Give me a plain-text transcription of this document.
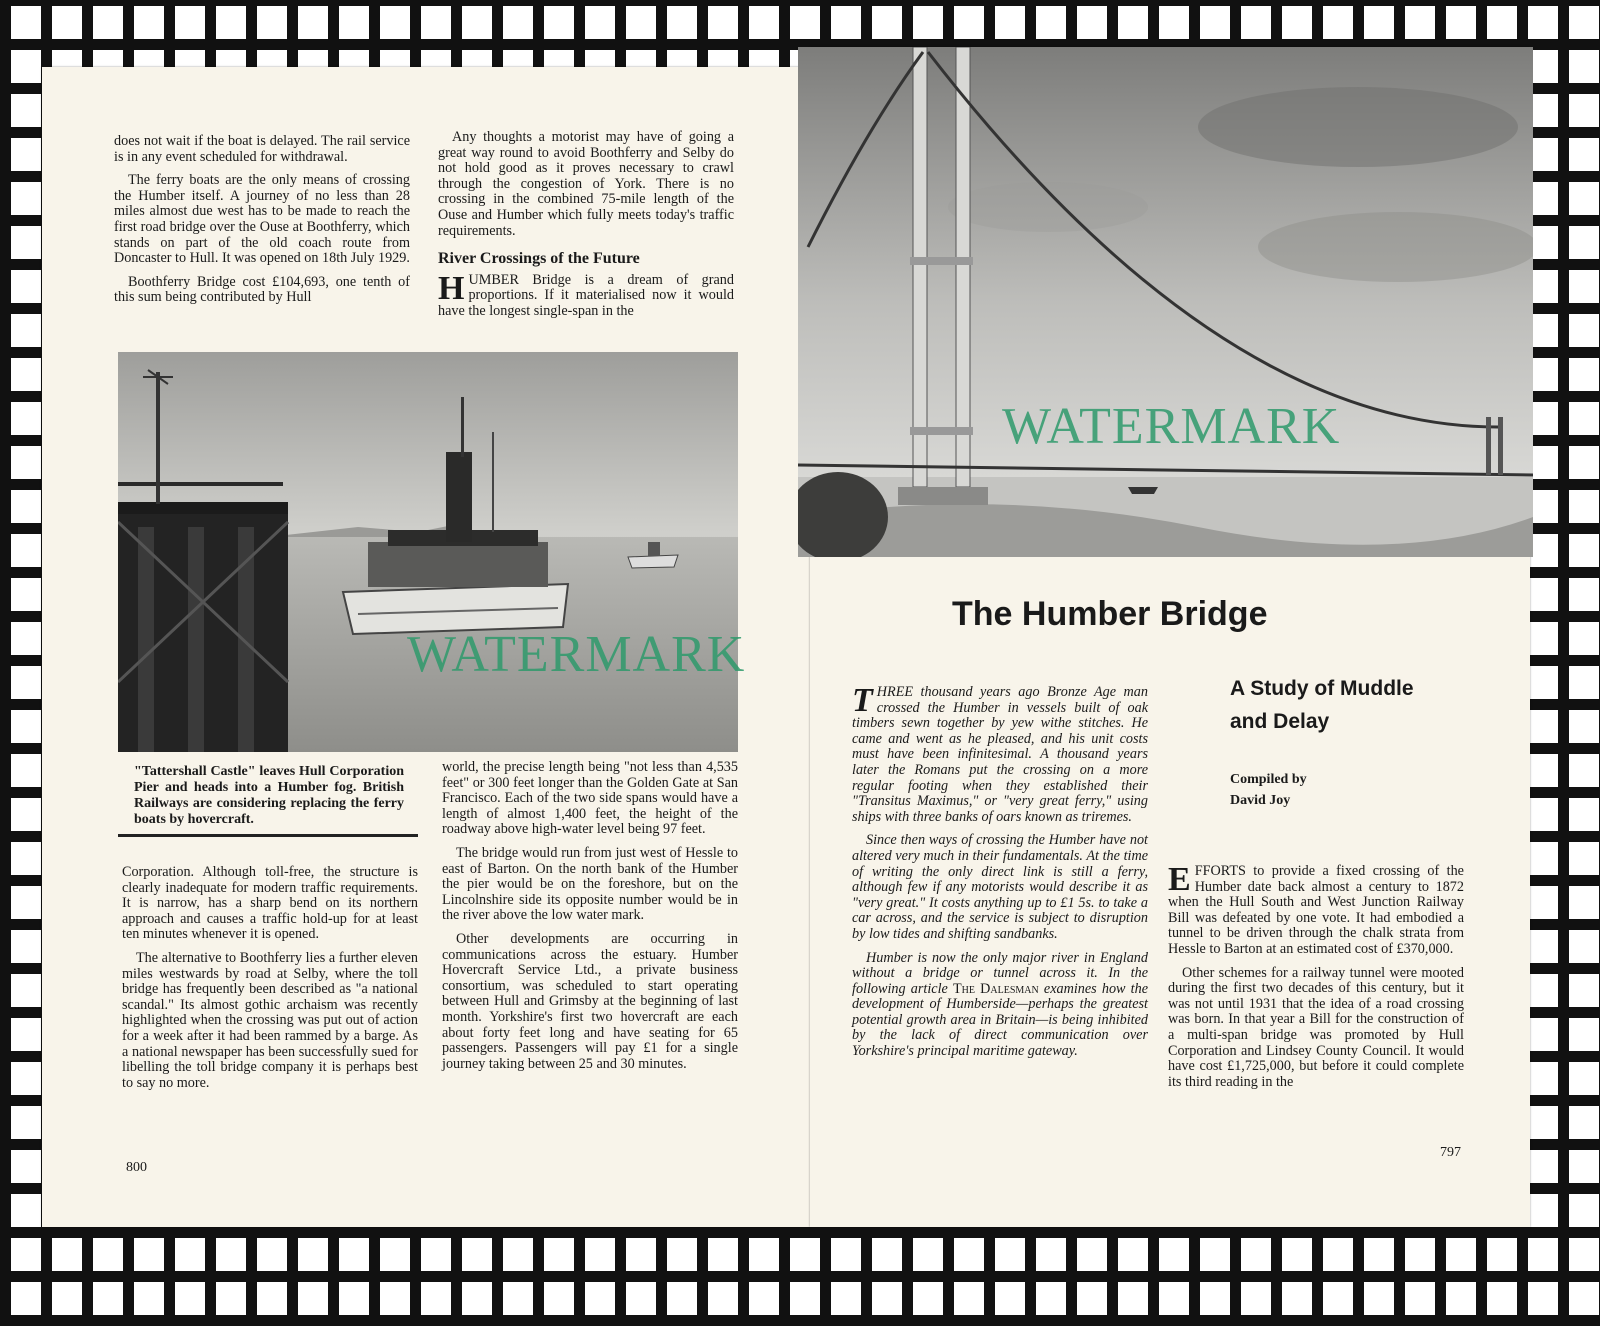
does not wait if the boat is delayed. The rail service is in any event scheduled for withdrawal.

The ferry boats are the only means of crossing the Humber itself. A journey of no less than 28 miles almost due west has to be made to reach the first road bridge over the Ouse at Boothferry, which stands on part of the old coach route from Doncaster to Hull. It was opened on 18th July 1929.

Boothferry Bridge cost £104,693, one tenth of this sum being contributed by Hull

Any thoughts a motorist may have of going a great way round to avoid Boothferry and Selby do not hold good as it proves necessary to crawl through the congestion of York. There is no crossing in the combined 75-mile length of the Ouse and Humber which fully meets today's traffic requirements.

River Crossings of the Future

HUMBER Bridge is a dream of grand proportions. If it materialised now it would have the longest single-span in the

WATERMARK
"Tattershall Castle" leaves Hull Corporation Pier and heads into a Humber fog. British Railways are considering replacing the ferry boats by hovercraft.

Corporation. Although toll-free, the structure is clearly inadequate for modern traffic requirements. It is narrow, has a sharp bend on its northern approach and causes a traffic hold-up for at least ten minutes whenever it is opened.

The alternative to Boothferry lies a further eleven miles westwards by road at Selby, where the toll bridge has frequently been described as "a national scandal." Its almost gothic archaism was recently highlighted when the crossing was put out of action for a week after it had been rammed by a barge. As a national newspaper has been successfully sued for libelling the toll bridge company it is perhaps best to say no more.

world, the precise length being "not less than 4,535 feet" or 300 feet longer than the Golden Gate at San Francisco. Each of the two side spans would have a length of almost 1,400 feet, the height of the roadway above high-water level being 97 feet.

The bridge would run from just west of Hessle to east of Barton. On the north bank of the Humber the pier would be on the foreshore, but on the Lincolnshire side its opposite number would be in the river above the low water mark.

Other developments are occurring in communications across the estuary. Humber Hovercraft Service Ltd., a private business consortium, was scheduled to start operating between Hull and Grimsby at the beginning of last month. Yorkshire's first two hovercraft are each about forty feet long and have seating for 65 passengers. Passengers will pay £1 for a single journey taking between 25 and 30 minutes.

800
WATERMARK
The Humber Bridge
A Study of Muddle
and Delay
Compiled by
David Joy

THREE thousand years ago Bronze Age man crossed the Humber in vessels built of oak timbers sewn together by yew withe stitches. He came and went as he pleased, and his unit costs must have been infinitesimal. A thousand years later the Romans put the crossing on a more regular footing when they established their "Transitus Maximus," or "very great ferry," using ships with three banks of oars known as triremes.

Since then ways of crossing the Humber have not altered very much in their fundamentals. At the time of writing the only direct link is still a ferry, although few if any motorists would describe it as "very great." It costs anything up to £1 5s. to take a car across, and the service is subject to disruption by low tides and shifting sandbanks.

Humber is now the only major river in England without a bridge or tunnel across it. In the following article The Dalesman examines how the development of Humberside—perhaps the greatest potential growth area in Britain—is being inhibited by the lack of direct communication over Yorkshire's principal maritime gateway.

EFFORTS to provide a fixed crossing of the Humber date back almost a century to 1872 when the Hull South and West Junction Railway Bill was defeated by one vote. It had embodied a tunnel to be driven through the chalk strata from Hessle to Barton at an estimated cost of £370,000.

Other schemes for a railway tunnel were mooted during the first two decades of this century, but it was not until 1931 that the idea of a road crossing was born. In that year a Bill for the construction of a multi-span bridge was promoted by Hull Corporation and Lindsey County Council. It would have cost £1,725,000, but before it could complete its third reading in the

797
